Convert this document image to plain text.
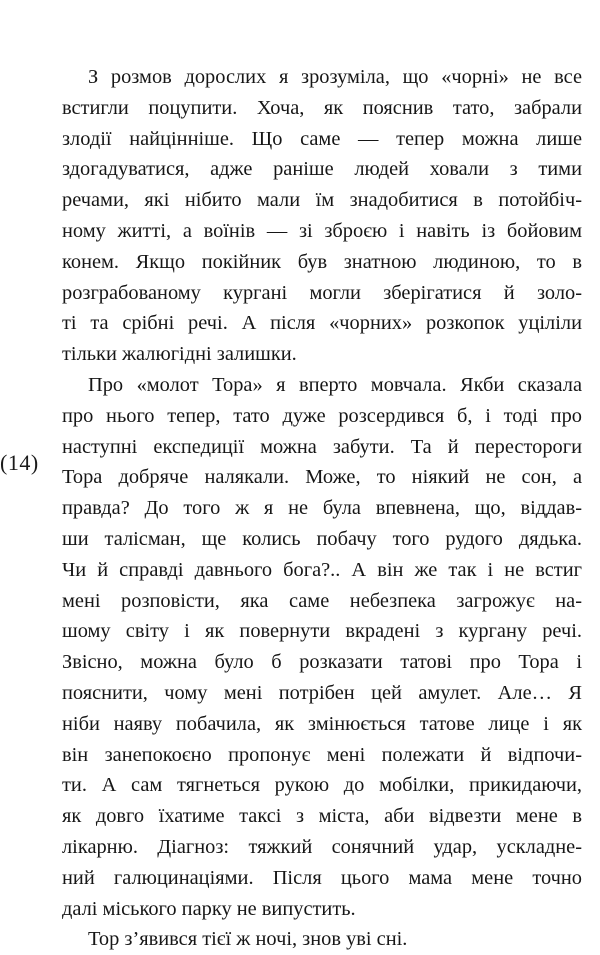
(14)
З розмов дорослих я зрозуміла, що «чорні» не все
встигли поцупити. Хоча, як пояснив тато, забрали
злодії найцінніше. Що саме — тепер можна лише
здогадуватися, адже раніше людей ховали з тими
речами, які нібито мали їм знадобитися в потойбіч-
ному житті, а воїнів — зі зброєю і навіть із бойовим
конем. Якщо покійник був знатною людиною, то в
розграбованому кургані могли зберігатися й золо-
ті та срібні речі. А після «чорних» розкопок уціліли
тільки жалюгідні залишки.
Про «молот Тора» я вперто мовчала. Якби сказала
про нього тепер, тато дуже розсердився б, і тоді про
наступні експедиції можна забути. Та й перестороги
Тора добряче налякали. Може, то ніякий не сон, а
правда? До того ж я не була впевнена, що, віддав-
ши талісман, ще колись побачу того рудого дядька.
Чи й справді давнього бога?.. А він же так і не встиг
мені розповісти, яка саме небезпека загрожує на-
шому світу і як повернути вкрадені з кургану речі.
Звісно, можна було б розказати татові про Тора і
пояснити, чому мені потрібен цей амулет. Але… Я
ніби наяву побачила, як змінюється татове лице і як
він занепокоєно пропонує мені полежати й відпочи-
ти. А сам тягнеться рукою до мобілки, прикидаючи,
як довго їхатиме таксі з міста, аби відвезти мене в
лікарню. Діагноз: тяжкий сонячний удар, ускладне-
ний галюцинаціями. Після цього мама мене точно
далі міського парку не випустить.
Тор з’явився тієї ж ночі, знов уві сні.
